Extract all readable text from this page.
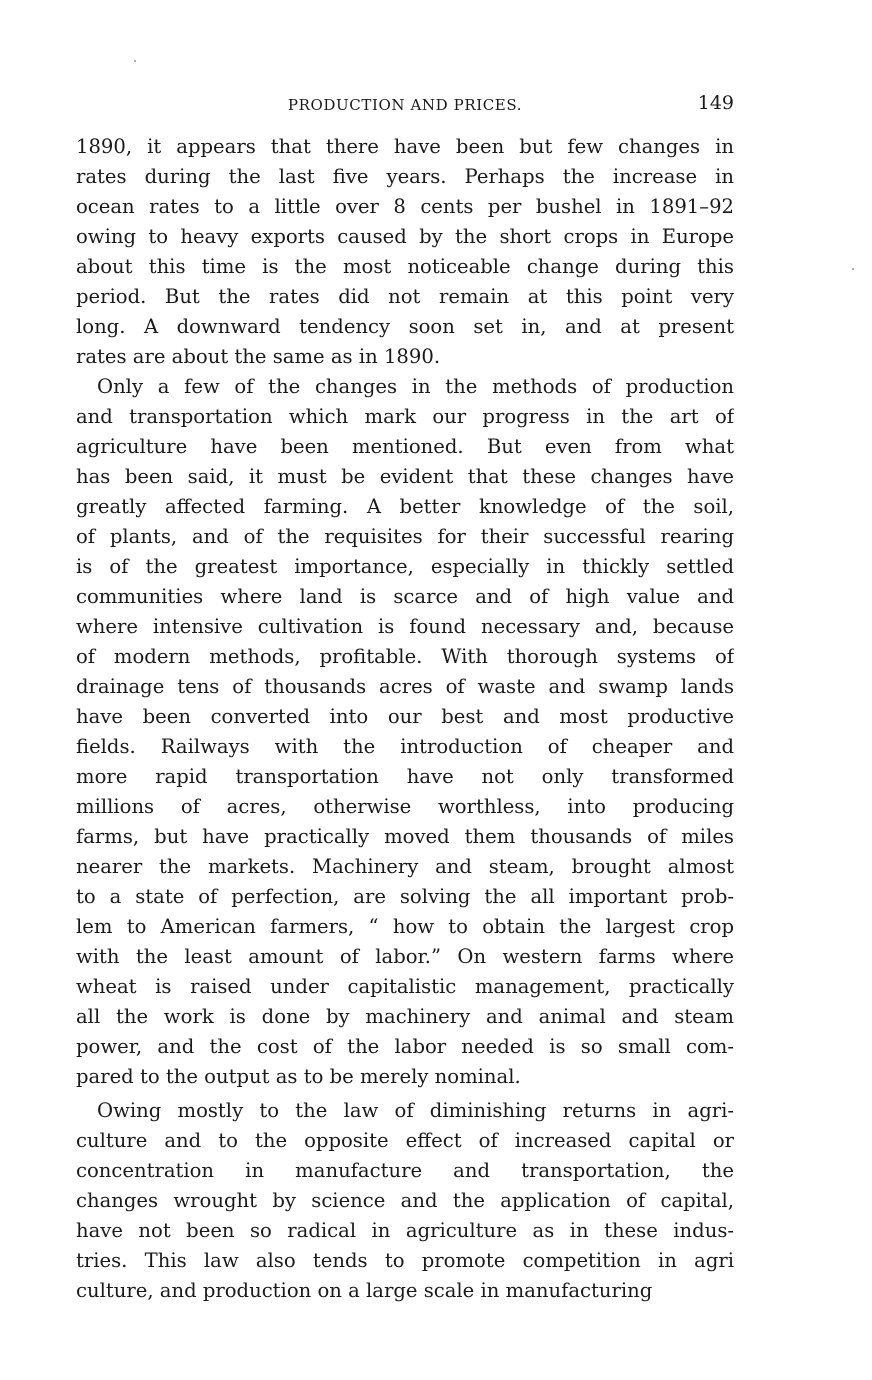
PRODUCTION AND PRICES.	149
1890, it appears that there have been but few changes in
rates during the last five years. Perhaps the increase in
ocean rates to a little over 8 cents per bushel in 1891–92
owing to heavy exports caused by the short crops in Europe
about this time is the most noticeable change during this
period. But the rates did not remain at this point very
long. A downward tendency soon set in, and at present
rates are about the same as in 1890.
Only a few of the changes in the methods of production
and transportation which mark our progress in the art of
agriculture have been mentioned. But even from what
has been said, it must be evident that these changes have
greatly affected farming. A better knowledge of the soil,
of plants, and of the requisites for their successful rearing
is of the greatest importance, especially in thickly settled
communities where land is scarce and of high value and
where intensive cultivation is found necessary and, because
of modern methods, profitable. With thorough systems of
drainage tens of thousands acres of waste and swamp lands
have been converted into our best and most productive
fields. Railways with the introduction of cheaper and
more rapid transportation have not only transformed
millions of acres, otherwise worthless, into producing
farms, but have practically moved them thousands of miles
nearer the markets. Machinery and steam, brought almost
to a state of perfection, are solving the all important prob-
lem to American farmers, “ how to obtain the largest crop
with the least amount of labor.” On western farms where
wheat is raised under capitalistic management, practically
all the work is done by machinery and animal and steam
power, and the cost of the labor needed is so small com-
pared to the output as to be merely nominal.
Owing mostly to the law of diminishing returns in agri-
culture and to the opposite effect of increased capital or
concentration in manufacture and transportation, the
changes wrought by science and the application of capital,
have not been so radical in agriculture as in these indus-
tries. This law also tends to promote competition in agri
culture, and production on a large scale in manufacturing
